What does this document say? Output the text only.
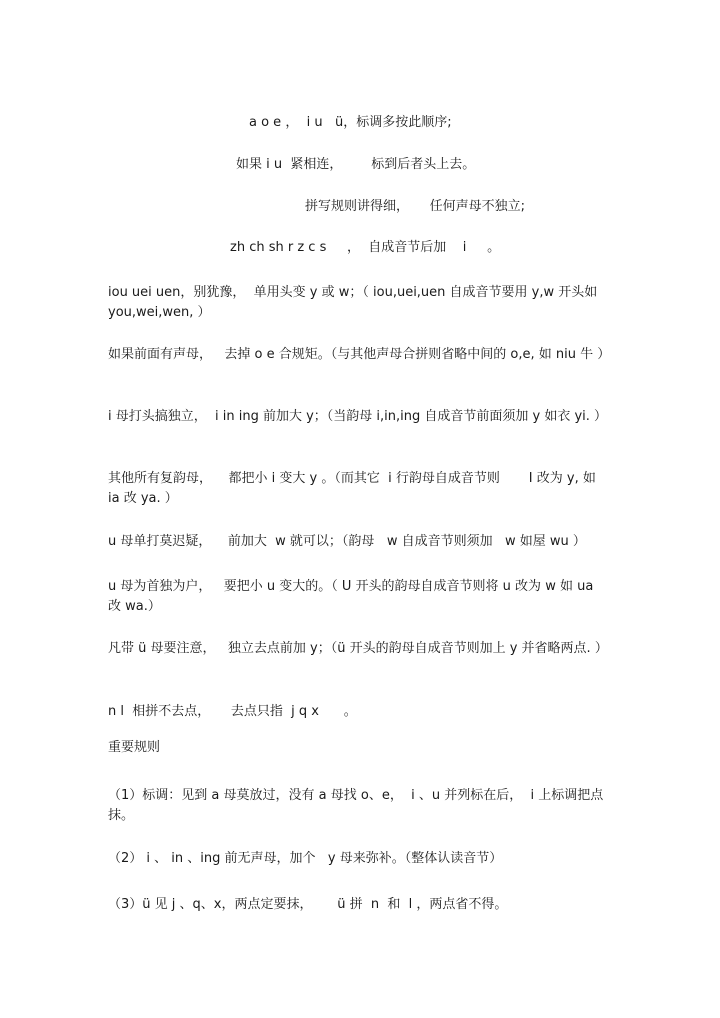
a o e ，  i u   ü，标调多按此顺序;
如果 i u  紧相连，       标到后者头上去。
拼写规则讲得细，     任何声母不独立;
zh ch sh r z c s     ，  自成音节后加    i     。
iou uei uen，别犹豫，  单用头变 y 或 w；（ iou,uei,uen 自成音节要用 y,w 开头如 you,wei,wen, ）
如果前面有声母，   去掉 o e 合规矩。（与其他声母合拼则省略中间的 o,e, 如 niu 牛 ）
i 母打头搞独立，  i in ing 前加大 y；（当韵母 i,in,ing 自成音节前面须加 y 如衣 yi. ）
其他所有复韵母，    都把小 i 变大 y 。（而其它  i 行韵母自成音节则       I 改为 y, 如 ia 改 ya. ）
u 母单打莫迟疑，    前加大  w 就可以；（韵母   w 自成音节则须加   w 如屋 wu ）
u 母为首独为户，   要把小 u 变大的。（ U 开头的韵母自成音节则将 u 改为 w 如 ua 改 wa.）
凡带 ü 母要注意，   独立去点前加 y；（ü 开头的韵母自成音节则加上 y 并省略两点. ）
n l  相拼不去点，     去点只指  j q x      。
重要规则
（1）标调：见到 a 母莫放过，没有 a 母找 o、e，  i 、u 并列标在后，  i 上标调把点抹。
（2） i 、 in 、ing 前无声母，加个   y 母来弥补。（整体认读音节）
（3）ü 见 j 、q、x，两点定要抹，      ü 拼  n  和  l ，两点省不得。
